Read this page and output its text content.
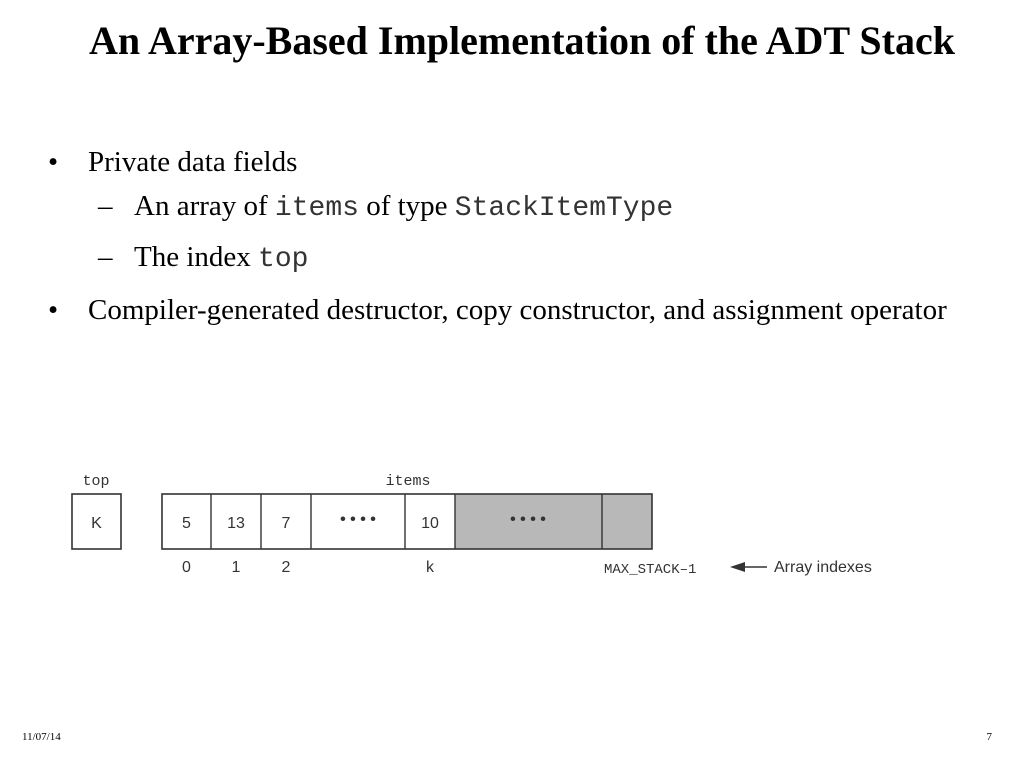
An Array-Based Implementation of the ADT Stack
• Private data fields
– An array of items of type StackItemType
– The index top
• Compiler-generated destructor, copy constructor, and assignment operator
top	items
K	5 13 7	• • • •	10	• • • •
0	1	2	k	MAX_STACK–1	Array indexes
11/07/14	7
